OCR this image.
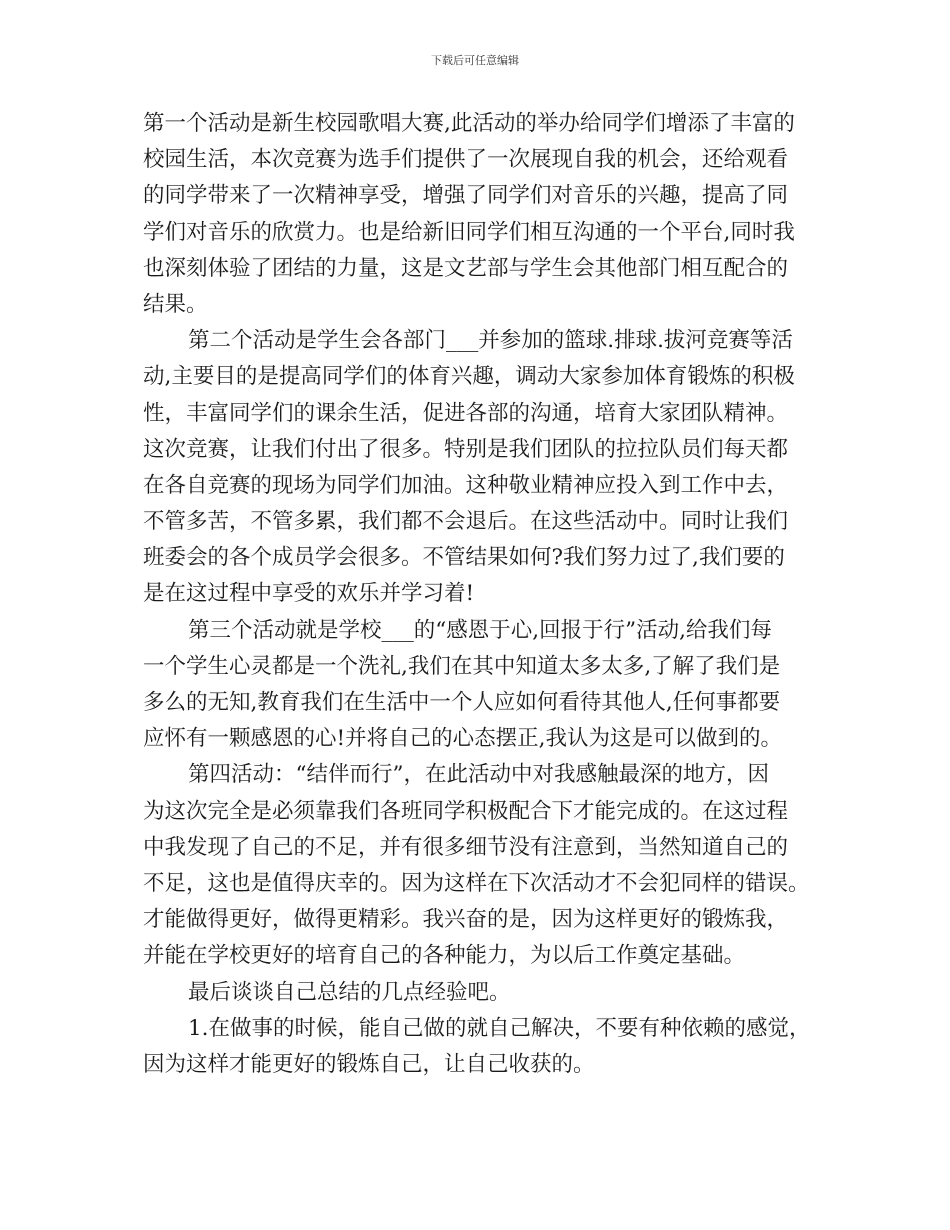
下载后可任意编辑
第一个活动是新生校园歌唱大赛,此活动的举办给同学们增添了丰富的
校园生活，本次竞赛为选手们提供了一次展现自我的机会，还给观看
的同学带来了一次精神享受，增强了同学们对音乐的兴趣，提高了同
学们对音乐的欣赏力。也是给新旧同学们相互沟通的一个平台,同时我
也深刻体验了团结的力量，这是文艺部与学生会其他部门相互配合的
结果。
第二个活动是学生会各部门___并参加的篮球.排球.拔河竞赛等活
动,主要目的是提高同学们的体育兴趣，调动大家参加体育锻炼的积极
性，丰富同学们的课余生活，促进各部的沟通，培育大家团队精神。
这次竞赛，让我们付出了很多。特别是我们团队的拉拉队员们每天都
在各自竞赛的现场为同学们加油。这种敬业精神应投入到工作中去，
不管多苦，不管多累，我们都不会退后。在这些活动中。同时让我们
班委会的各个成员学会很多。不管结果如何?我们努力过了,我们要的
是在这过程中享受的欢乐并学习着!
第三个活动就是学校___的“感恩于心,回报于行”活动,给我们每
一个学生心灵都是一个洗礼,我们在其中知道太多太多,了解了我们是
多么的无知,教育我们在生活中一个人应如何看待其他人,任何事都要
应怀有一颗感恩的心!并将自己的心态摆正,我认为这是可以做到的。
第四活动：“结伴而行”，在此活动中对我感触最深的地方，因
为这次完全是必须靠我们各班同学积极配合下才能完成的。在这过程
中我发现了自己的不足，并有很多细节没有注意到，当然知道自己的
不足，这也是值得庆幸的。因为这样在下次活动才不会犯同样的错误。
才能做得更好，做得更精彩。我兴奋的是，因为这样更好的锻炼我，
并能在学校更好的培育自己的各种能力，为以后工作奠定基础。
最后谈谈自己总结的几点经验吧。
1.在做事的时候，能自己做的就自己解决，不要有种依赖的感觉，
因为这样才能更好的锻炼自己，让自己收获的。
